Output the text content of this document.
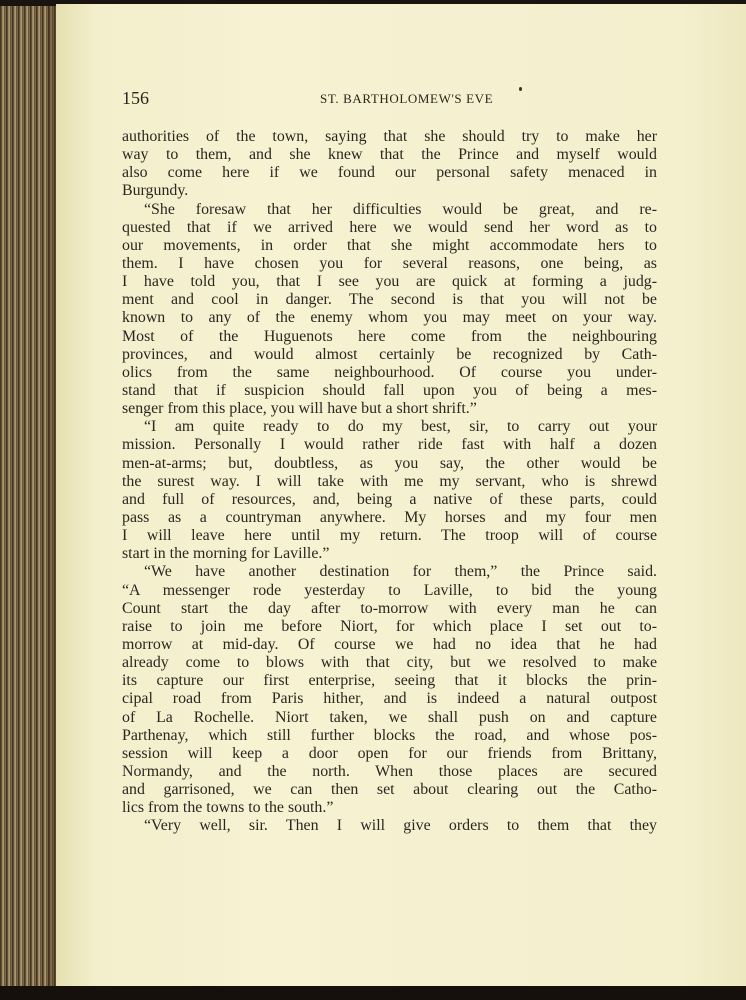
156	ST. BARTHOLOMEW'S EVE
authorities of the town, saying that she should try to make her
way to them, and she knew that the Prince and myself would
also come here if we found our personal safety menaced in
Burgundy.
“She foresaw that her difficulties would be great, and re-
quested that if we arrived here we would send her word as to
our movements, in order that she might accommodate hers to
them. I have chosen you for several reasons, one being, as
I have told you, that I see you are quick at forming a judg-
ment and cool in danger. The second is that you will not be
known to any of the enemy whom you may meet on your way.
Most of the Huguenots here come from the neighbouring
provinces, and would almost certainly be recognized by Cath-
olics from the same neighbourhood. Of course you under-
stand that if suspicion should fall upon you of being a mes-
senger from this place, you will have but a short shrift.”
“I am quite ready to do my best, sir, to carry out your
mission. Personally I would rather ride fast with half a dozen
men-at-arms; but, doubtless, as you say, the other would be
the surest way. I will take with me my servant, who is shrewd
and full of resources, and, being a native of these parts, could
pass as a countryman anywhere. My horses and my four men
I will leave here until my return. The troop will of course
start in the morning for Laville.”
“We have another destination for them,” the Prince said.
“A messenger rode yesterday to Laville, to bid the young
Count start the day after to-morrow with every man he can
raise to join me before Niort, for which place I set out to-
morrow at mid-day. Of course we had no idea that he had
already come to blows with that city, but we resolved to make
its capture our first enterprise, seeing that it blocks the prin-
cipal road from Paris hither, and is indeed a natural outpost
of La Rochelle. Niort taken, we shall push on and capture
Parthenay, which still further blocks the road, and whose pos-
session will keep a door open for our friends from Brittany,
Normandy, and the north. When those places are secured
and garrisoned, we can then set about clearing out the Catho-
lics from the towns to the south.”
“Very well, sir. Then I will give orders to them that they
